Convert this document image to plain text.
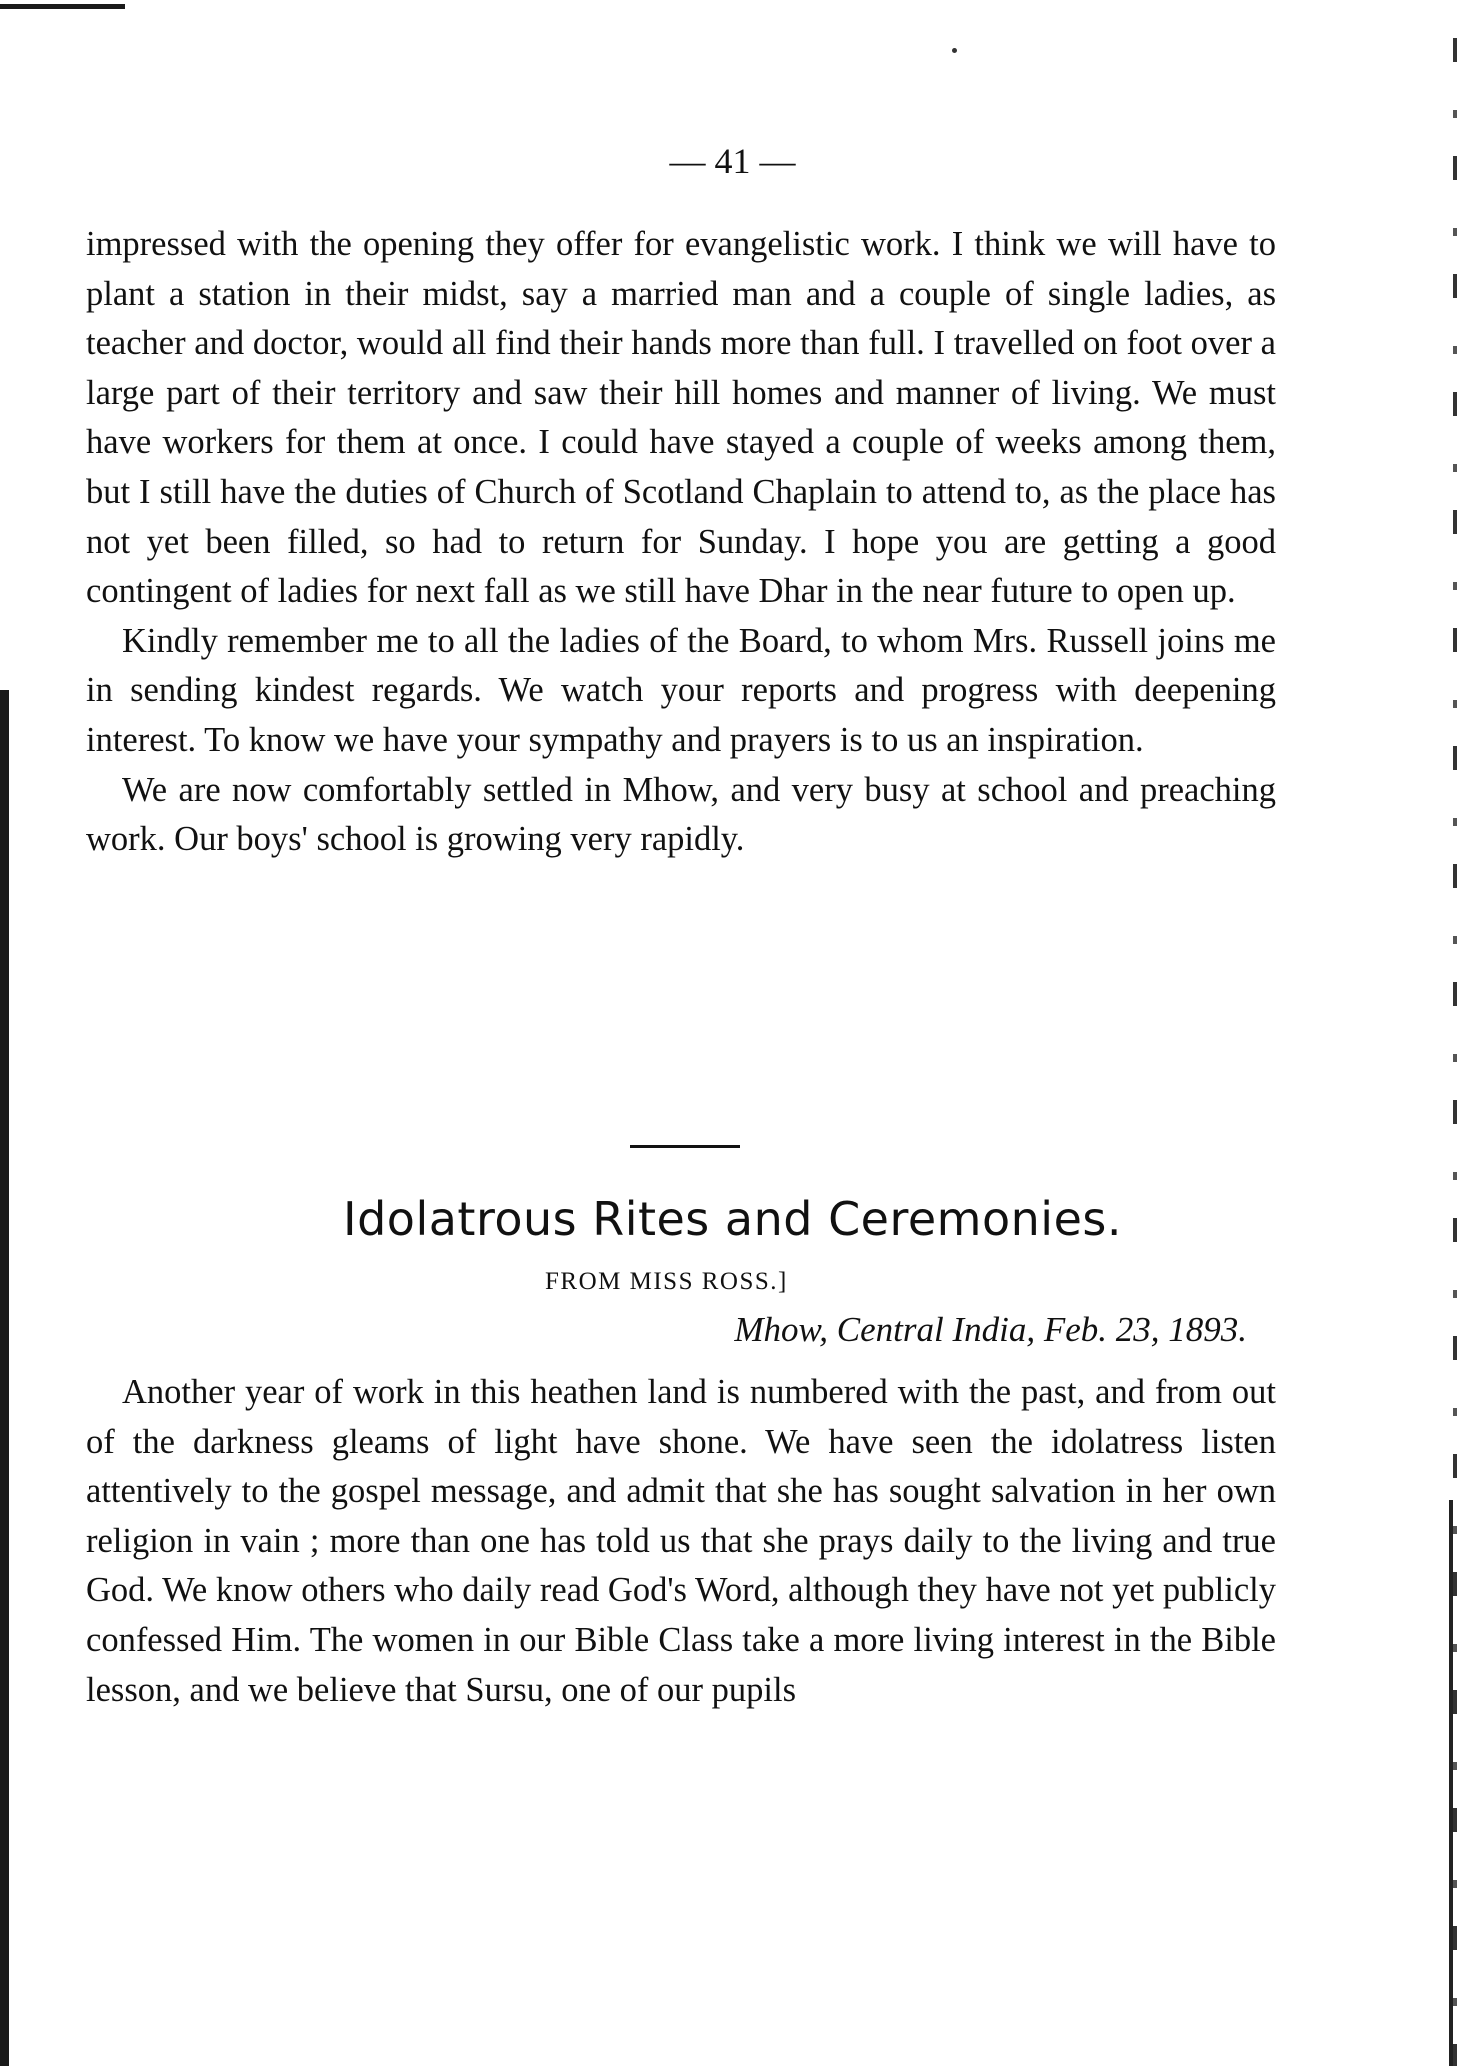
— 41 —

impressed with the opening they offer for evangelistic work. I think we will have to plant a station in their midst, say a married man and a couple of single ladies, as teacher and doctor, would all find their hands more than full. I travelled on foot over a large part of their territory and saw their hill homes and manner of living. We must have workers for them at once. I could have stayed a couple of weeks among them, but I still have the duties of Church of Scotland Chaplain to attend to, as the place has not yet been filled, so had to return for Sunday. I hope you are getting a good contingent of ladies for next fall as we still have Dhar in the near future to open up.

Kindly remember me to all the ladies of the Board, to whom Mrs. Russell joins me in sending kindest regards. We watch your reports and progress with deepening interest. To know we have your sympathy and prayers is to us an inspiration.

We are now comfortably settled in Mhow, and very busy at school and preaching work. Our boys' school is growing very rapidly.

Idolatrous Rites and Ceremonies.
FROM MISS ROSS.]
Mhow, Central India, Feb. 23, 1893.

Another year of work in this heathen land is numbered with the past, and from out of the darkness gleams of light have shone. We have seen the idolatress listen attentively to the gospel message, and admit that she has sought salvation in her own religion in vain ; more than one has told us that she prays daily to the living and true God. We know others who daily read God's Word, although they have not yet publicly confessed Him. The women in our Bible Class take a more living interest in the Bible lesson, and we believe that Sursu, one of our pupils
